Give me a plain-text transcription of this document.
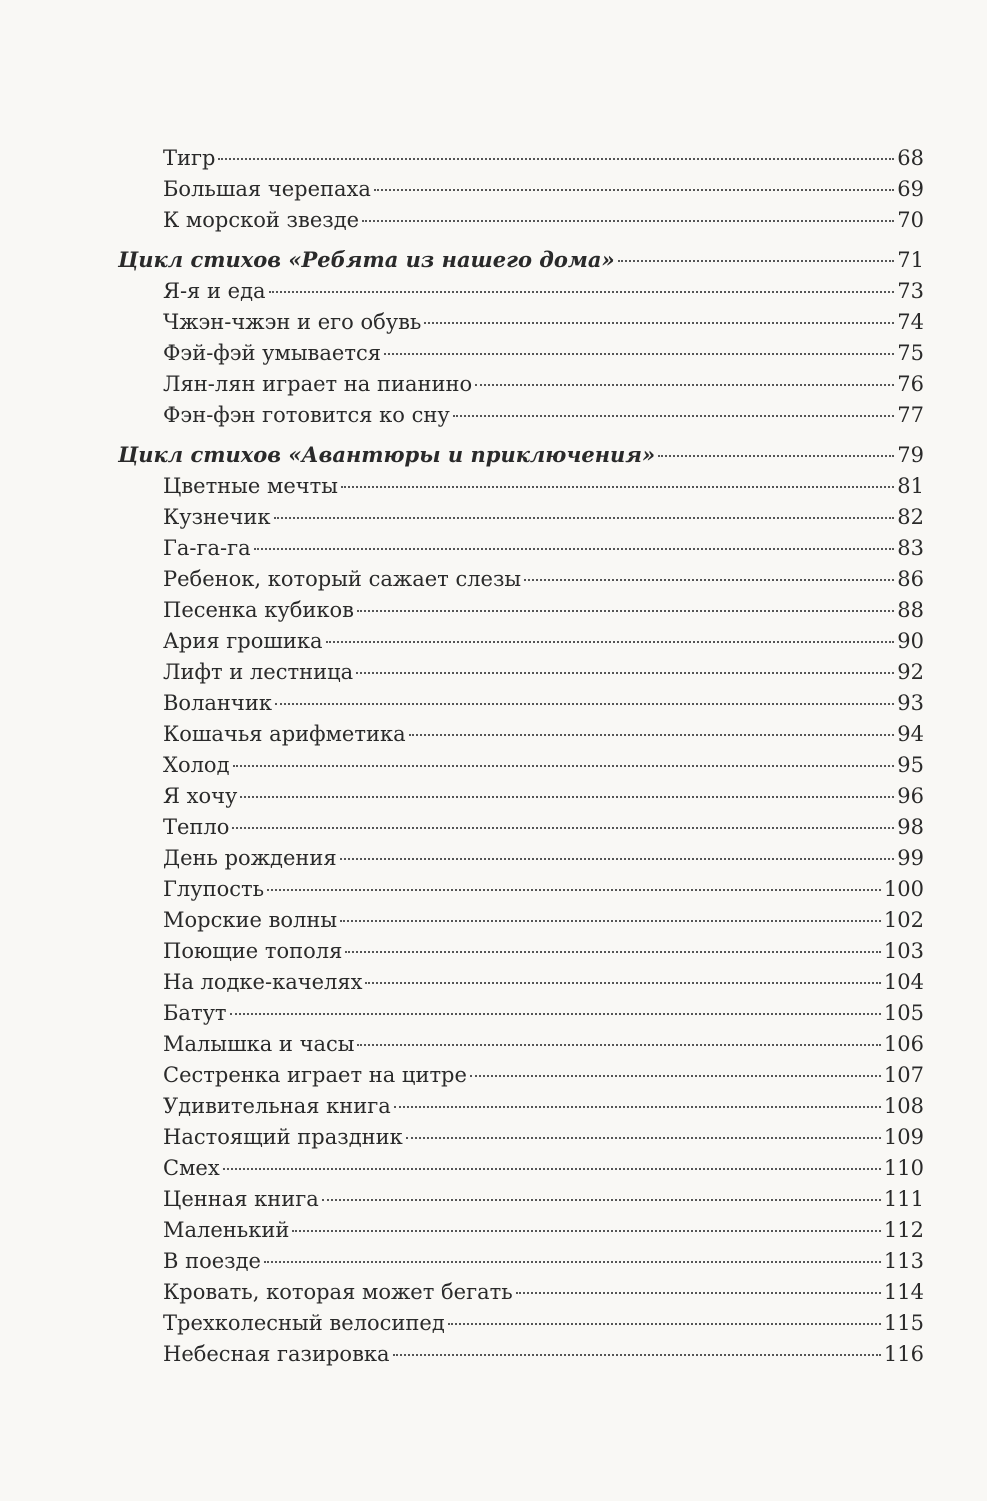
Тигр	68
Большая черепаха	69
К морской звезде	70
Цикл стихов «Ребята из нашего дома»	71
Я-я и еда	73
Чжэн-чжэн и его обувь	74
Фэй-фэй умывается	75
Лян-лян играет на пианино	76
Фэн-фэн готовится ко сну	77
Цикл стихов «Авантюры и приключения»	79
Цветные мечты	81
Кузнечик	82
Га-га-га	83
Ребенок, который сажает слезы	86
Песенка кубиков	88
Ария грошика	90
Лифт и лестница	92
Воланчик	93
Кошачья арифметика	94
Холод	95
Я хочу	96
Тепло	98
День рождения	99
Глупость	100
Морские волны	102
Поющие тополя	103
На лодке-качелях	104
Батут	105
Малышка и часы	106
Сестренка играет на цитре	107
Удивительная книга	108
Настоящий праздник	109
Смех	110
Ценная книга	111
Маленький	112
В поезде	113
Кровать, которая может бегать	114
Трехколесный велосипед	115
Небесная газировка	116
